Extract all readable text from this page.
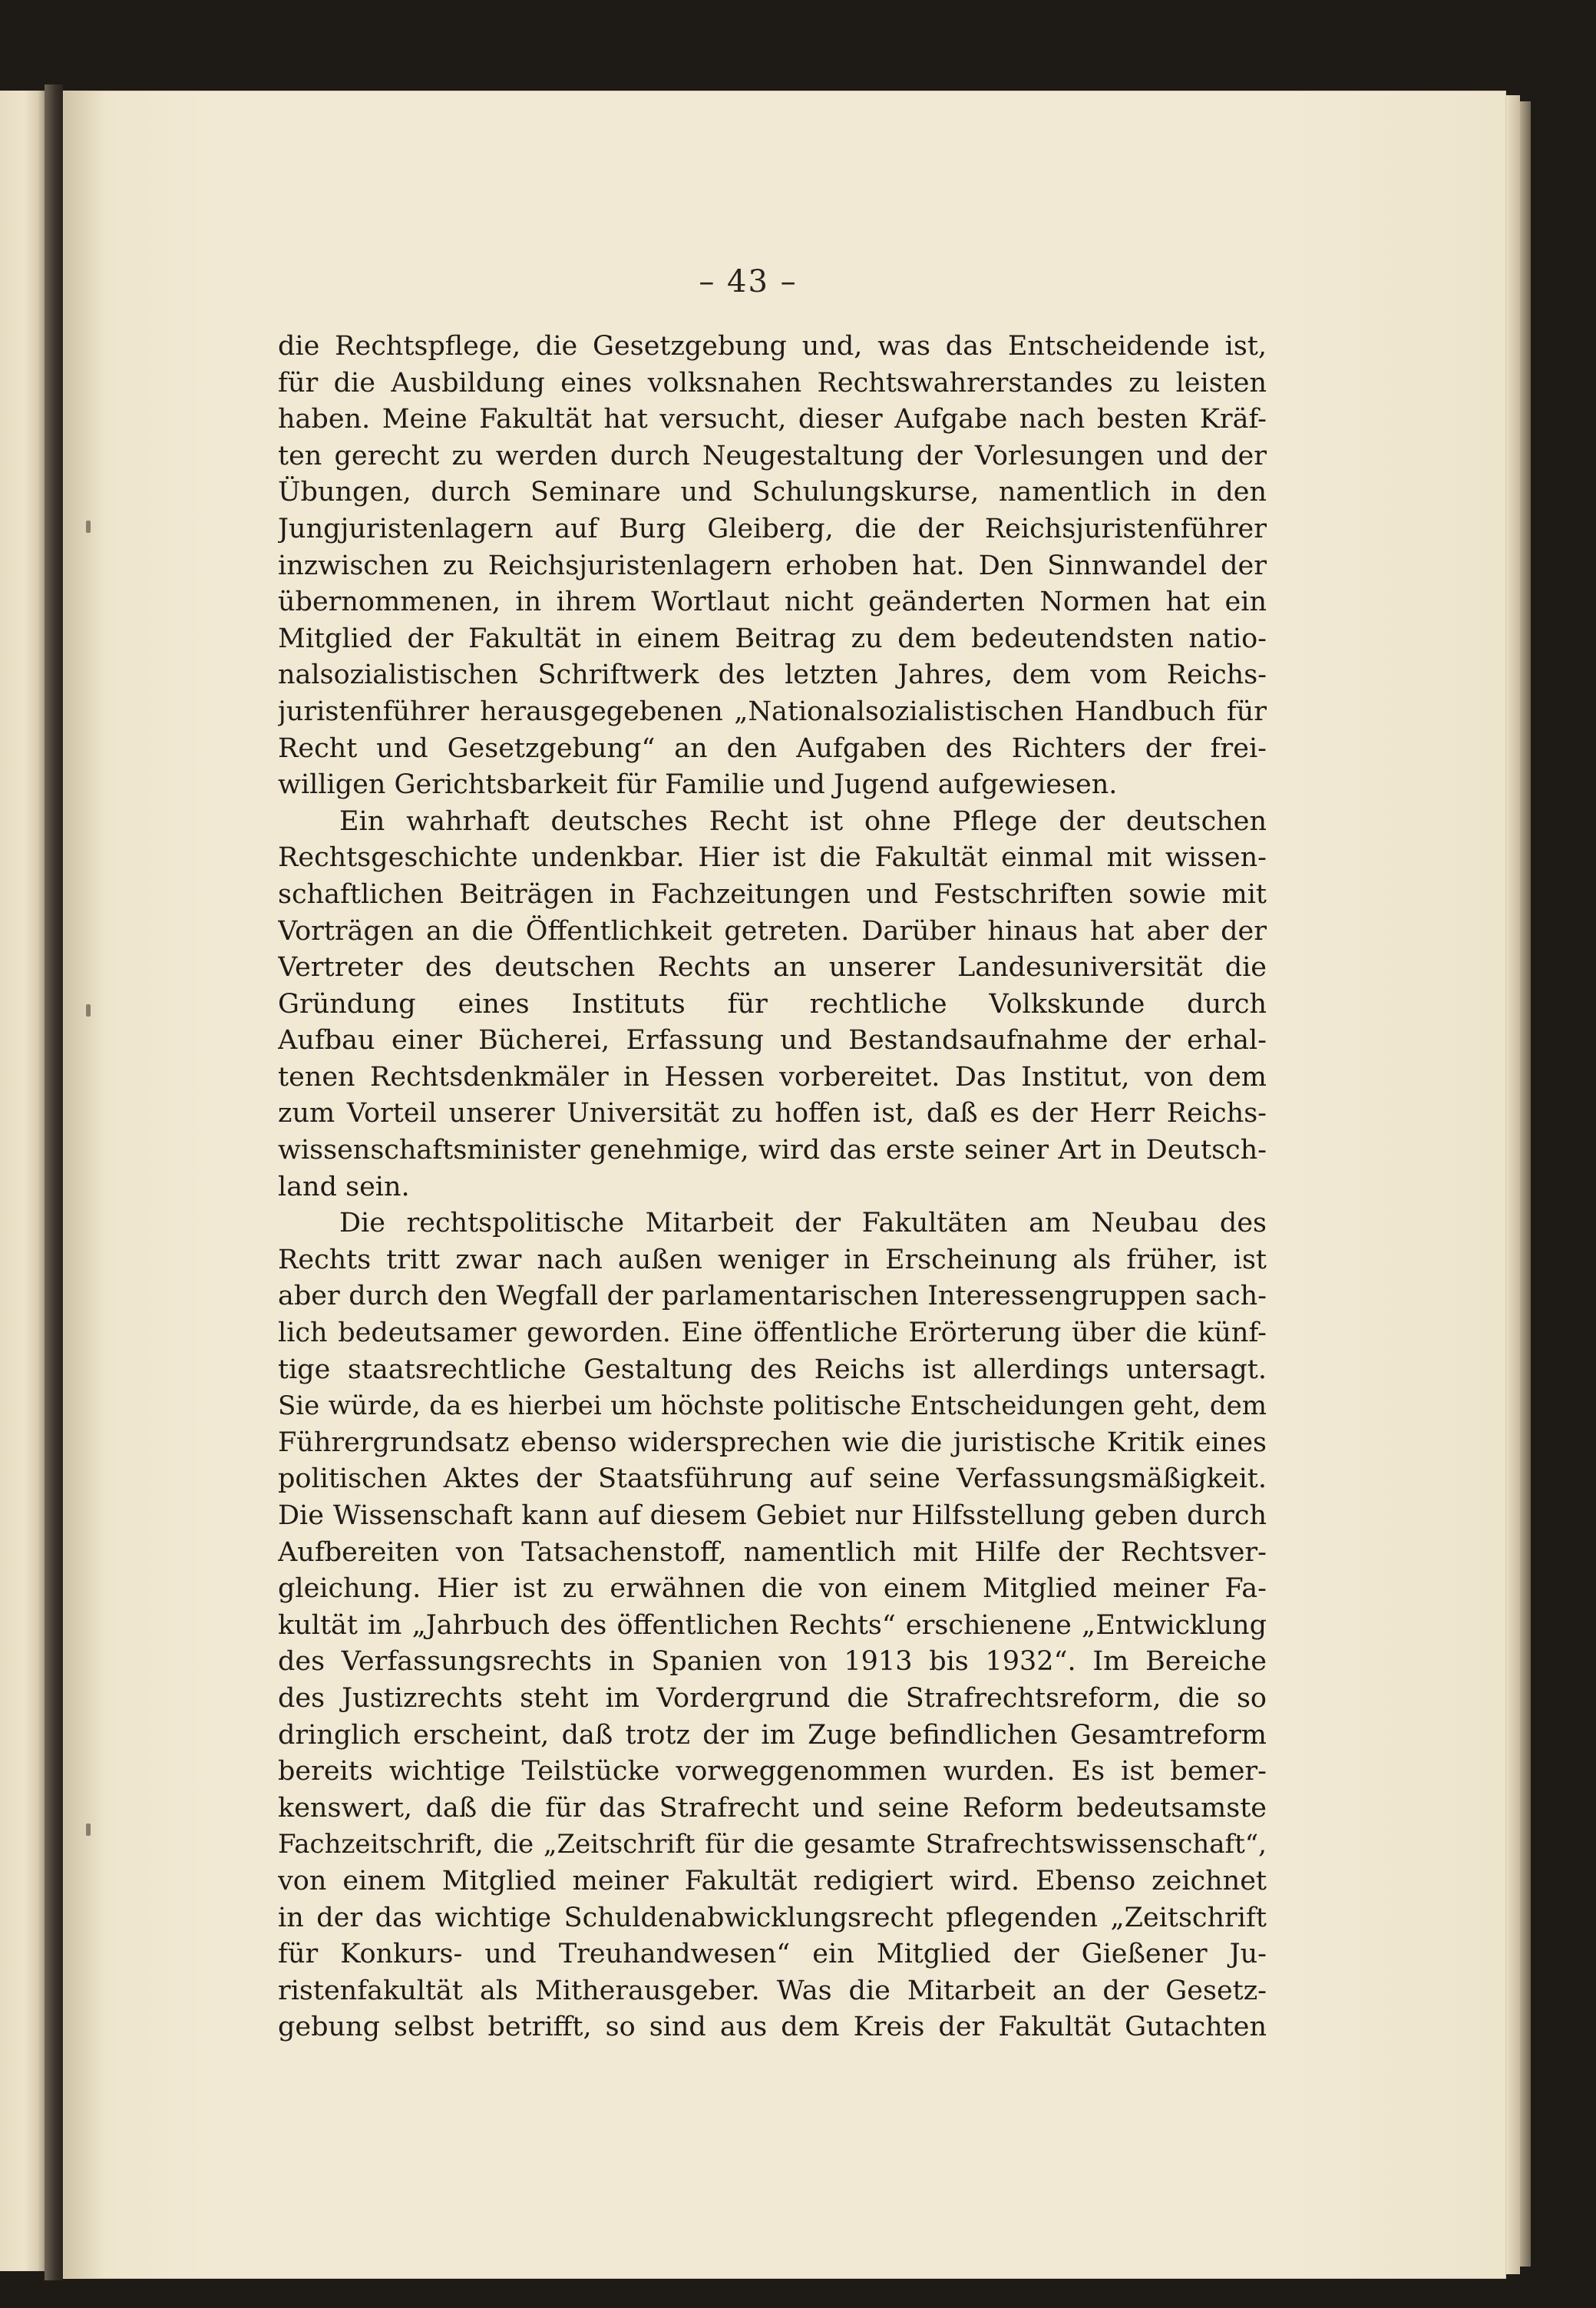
– 43 –
die Rechtspflege, die Gesetzgebung und, was das Entscheidende ist,
für die Ausbildung eines volksnahen Rechtswahrerstandes zu leisten
haben. Meine Fakultät hat versucht, dieser Aufgabe nach besten Kräf-
ten gerecht zu werden durch Neugestaltung der Vorlesungen und der
Übungen, durch Seminare und Schulungskurse, namentlich in den
Jungjuristenlagern auf Burg Gleiberg, die der Reichsjuristenführer
inzwischen zu Reichsjuristenlagern erhoben hat. Den Sinnwandel der
übernommenen, in ihrem Wortlaut nicht geänderten Normen hat ein
Mitglied der Fakultät in einem Beitrag zu dem bedeutendsten natio-
nalsozialistischen Schriftwerk des letzten Jahres, dem vom Reichs-
juristenführer herausgegebenen „Nationalsozialistischen Handbuch für
Recht und Gesetzgebung“ an den Aufgaben des Richters der frei-
willigen Gerichtsbarkeit für Familie und Jugend aufgewiesen.
Ein wahrhaft deutsches Recht ist ohne Pflege der deutschen
Rechtsgeschichte undenkbar. Hier ist die Fakultät einmal mit wissen-
schaftlichen Beiträgen in Fachzeitungen und Festschriften sowie mit
Vorträgen an die Öffentlichkeit getreten. Darüber hinaus hat aber der
Vertreter des deutschen Rechts an unserer Landesuniversität die
Gründung eines Instituts für rechtliche Volkskunde durch
Aufbau einer Bücherei, Erfassung und Bestandsaufnahme der erhal-
tenen Rechtsdenkmäler in Hessen vorbereitet. Das Institut, von dem
zum Vorteil unserer Universität zu hoffen ist, daß es der Herr Reichs-
wissenschaftsminister genehmige, wird das erste seiner Art in Deutsch-
land sein.
Die rechtspolitische Mitarbeit der Fakultäten am Neubau des
Rechts tritt zwar nach außen weniger in Erscheinung als früher, ist
aber durch den Wegfall der parlamentarischen Interessengruppen sach-
lich bedeutsamer geworden. Eine öffentliche Erörterung über die künf-
tige staatsrechtliche Gestaltung des Reichs ist allerdings untersagt.
Sie würde, da es hierbei um höchste politische Entscheidungen geht, dem
Führergrundsatz ebenso widersprechen wie die juristische Kritik eines
politischen Aktes der Staatsführung auf seine Verfassungsmäßigkeit.
Die Wissenschaft kann auf diesem Gebiet nur Hilfsstellung geben durch
Aufbereiten von Tatsachenstoff, namentlich mit Hilfe der Rechtsver-
gleichung. Hier ist zu erwähnen die von einem Mitglied meiner Fa-
kultät im „Jahrbuch des öffentlichen Rechts“ erschienene „Entwicklung
des Verfassungsrechts in Spanien von 1913 bis 1932“. Im Bereiche
des Justizrechts steht im Vordergrund die Strafrechtsreform, die so
dringlich erscheint, daß trotz der im Zuge befindlichen Gesamtreform
bereits wichtige Teilstücke vorweggenommen wurden. Es ist bemer-
kenswert, daß die für das Strafrecht und seine Reform bedeutsamste
Fachzeitschrift, die „Zeitschrift für die gesamte Strafrechtswissenschaft“,
von einem Mitglied meiner Fakultät redigiert wird. Ebenso zeichnet
in der das wichtige Schuldenabwicklungsrecht pflegenden „Zeitschrift
für Konkurs- und Treuhandwesen“ ein Mitglied der Gießener Ju-
ristenfakultät als Mitherausgeber. Was die Mitarbeit an der Gesetz-
gebung selbst betrifft, so sind aus dem Kreis der Fakultät Gutachten
